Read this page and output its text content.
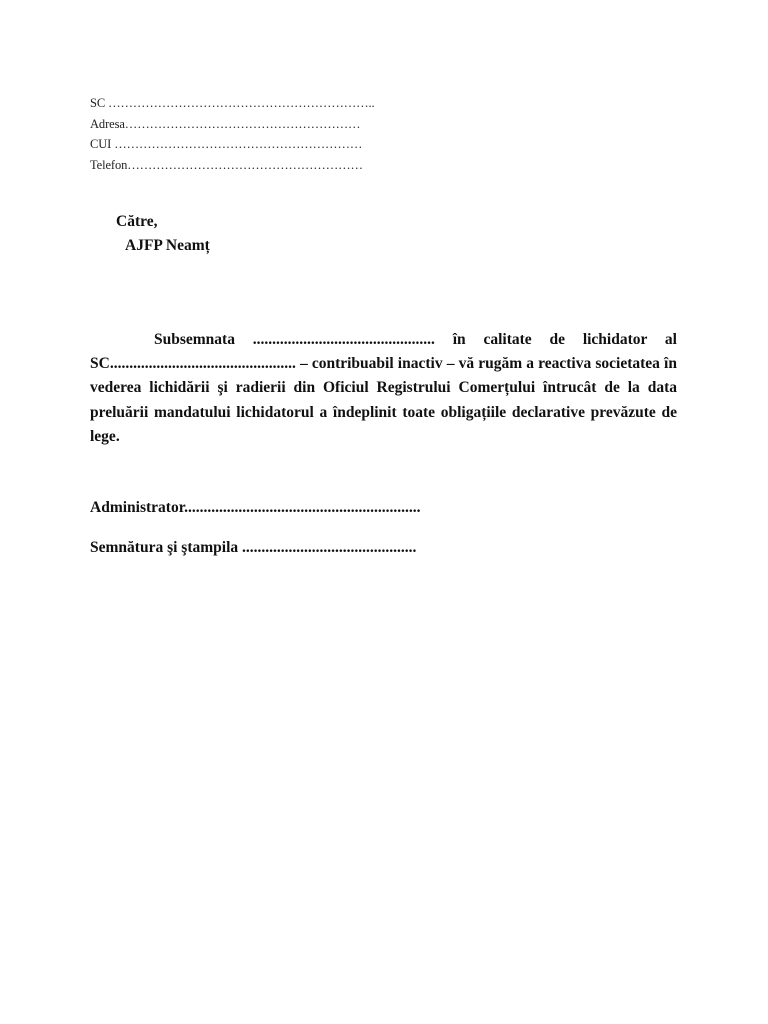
SC ………………………………………………………..
Adresa…………………………………………………
CUI ……………………………………………………
Telefon…………………………………………………
Către,
AJFP Neamț
Subsemnata ............................................... în calitate de lichidator al SC................................................ – contribuabil inactiv – vă rugăm a reactiva societatea în vederea lichidării şi radierii din Oficiul Registrului Comerțului întrucât de la data preluării mandatului lichidatorul a îndeplinit toate obligațiile declarative prevăzute de lege.
Administrator.............................................................
Semnătura şi ştampila .............................................
